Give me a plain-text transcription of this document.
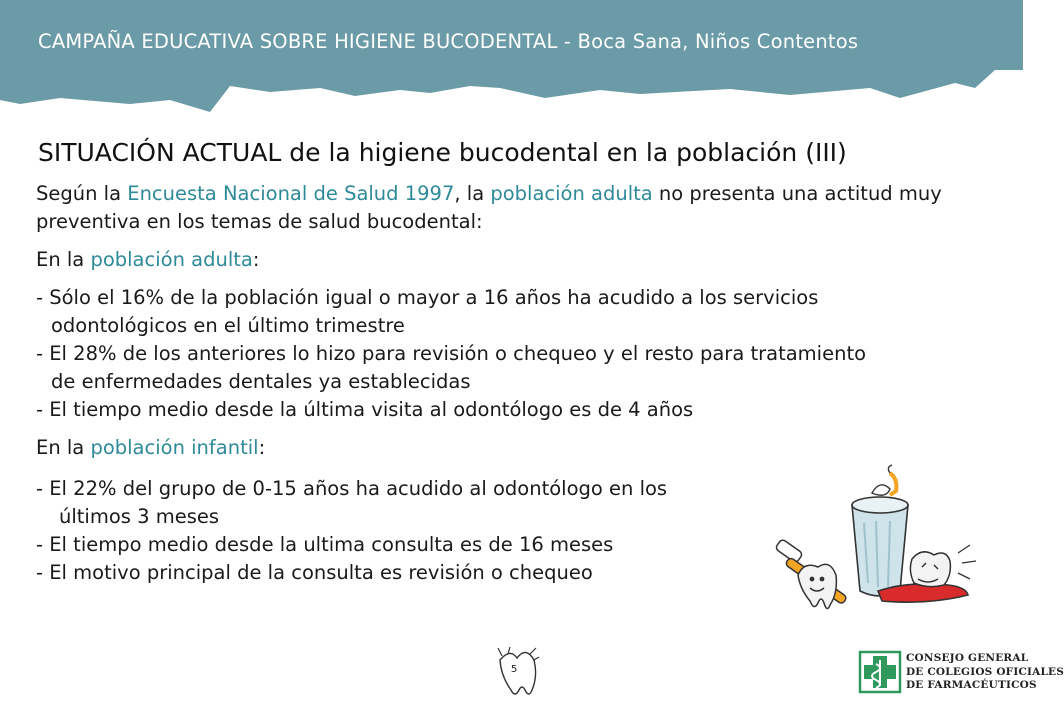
CAMPAÑA EDUCATIVA SOBRE HIGIENE BUCODENTAL - Boca Sana, Niños Contentos
SITUACIÓN ACTUAL de la higiene bucodental en la población (III)

Según la Encuesta Nacional de Salud 1997, la población adulta no presenta una actitud muy preventiva en los temas de salud bucodental:

En la población adulta:

- Sólo el 16% de la población igual o mayor a 16 años ha acudido a los servicios
odontológicos en el último trimestre
- El 28% de los anteriores lo hizo para revisión o chequeo y el resto para tratamiento
de enfermedades dentales ya establecidas
- El tiempo medio desde la última visita al odontólogo es de 4 años

En la población infantil:

- El 22% del grupo de 0-15 años ha acudido al odontólogo en los
últimos 3 meses
- El tiempo medio desde la ultima consulta es de 16 meses
- El motivo principal de la consulta es revisión o chequeo
5
CONSEJO GENERAL
DE COLEGIOS OFICIALES
DE FARMACÉUTICOS
